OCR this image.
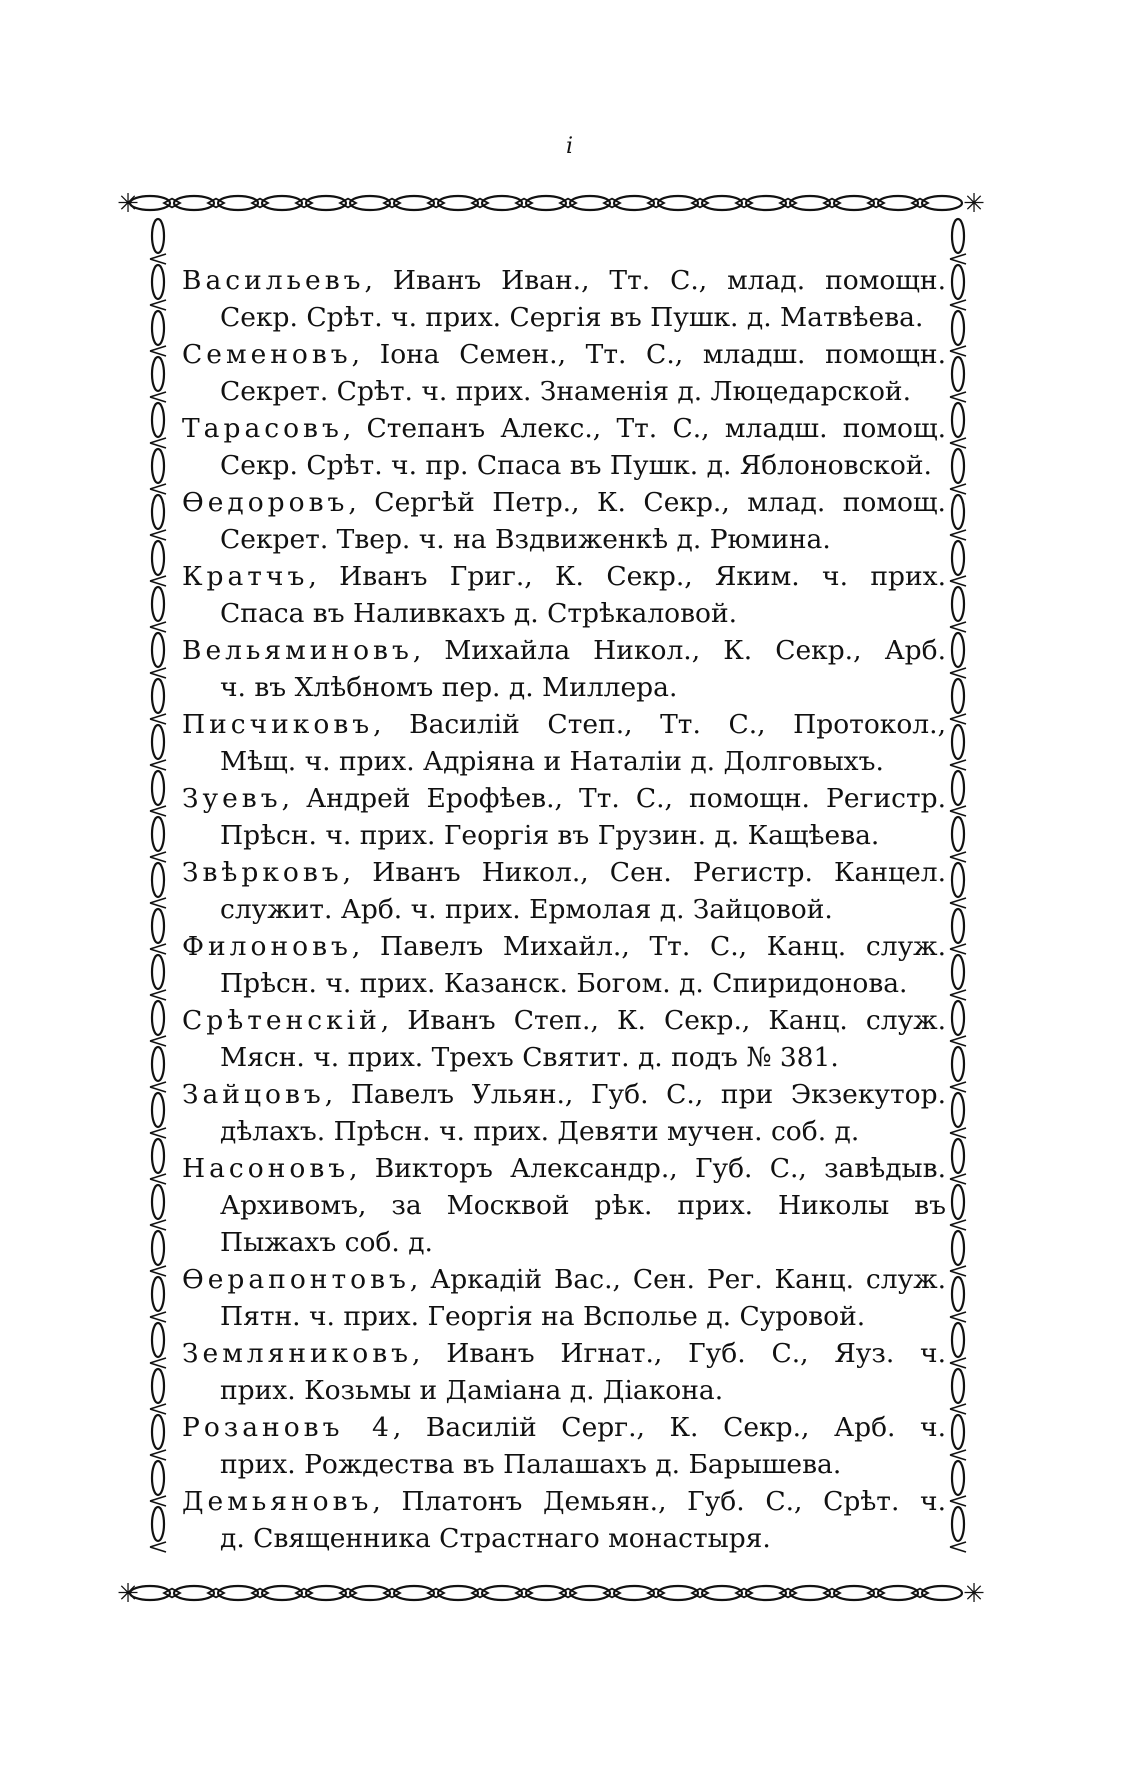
і
✳	✳
✳	✳
Васильевъ, Иванъ Иван., Тт. С., млад. помощн.
Секр. Срѣт. ч. прих. Сергія въ Пушк. д. Матвѣева.
Семеновъ, Іона Семен., Тт. С., младш. помощн.
Секрет. Срѣт. ч. прих. Знаменія д. Люцедарской.
Тарасовъ, Степанъ Алекс., Тт. С., младш. помощ.
Секр. Срѣт. ч. пр. Спаса въ Пушк. д. Яблоновской.
Ѳедоровъ, Сергѣй Петр., К. Секр., млад. помощ.
Секрет. Твер. ч. на Вздвиженкѣ д. Рюмина.
Кратчъ, Иванъ Григ., К. Секр., Яким. ч. прих.
Спаса въ Наливкахъ д. Стрѣкаловой.
Вельяминовъ, Михайла Никол., К. Секр., Арб.
ч. въ Хлѣбномъ пер. д. Миллера.
Писчиковъ, Василій Степ., Тт. С., Протокол.,
Мѣщ. ч. прих. Адріяна и Наталіи д. Долговыхъ.
Зуевъ, Андрей Ерофѣев., Тт. С., помощн. Регистр.
Прѣсн. ч. прих. Георгія въ Грузин. д. Кащѣева.
Звѣрковъ, Иванъ Никол., Сен. Регистр. Канцел.
служит. Арб. ч. прих. Ермолая д. Зайцовой.
Филоновъ, Павелъ Михайл., Тт. С., Канц. служ.
Прѣсн. ч. прих. Казанск. Богом. д. Спиридонова.
Срѣтенскій, Иванъ Степ., К. Секр., Канц. служ.
Мясн. ч. прих. Трехъ Святит. д. подъ № 381.
Зайцовъ, Павелъ Ульян., Губ. С., при Экзекутор.
дѣлахъ. Прѣсн. ч. прих. Девяти мучен. соб. д.
Насоновъ, Викторъ Александр., Губ. С., завѣдыв.
Архивомъ, за Москвой рѣк. прих. Николы въ
Пыжахъ соб. д.
Ѳерапонтовъ, Аркадій Вас., Сен. Рег. Канц. служ.
Пятн. ч. прих. Георгія на Всполье д. Суровой.
Земляниковъ, Иванъ Игнат., Губ. С., Яуз. ч.
прих. Козьмы и Даміана д. Діакона.
Розановъ 4, Василій Серг., К. Секр., Арб. ч.
прих. Рождества въ Палашахъ д. Барышева.
Демьяновъ, Платонъ Демьян., Губ. С., Срѣт. ч.
д. Священника Страстнаго монастыря.
